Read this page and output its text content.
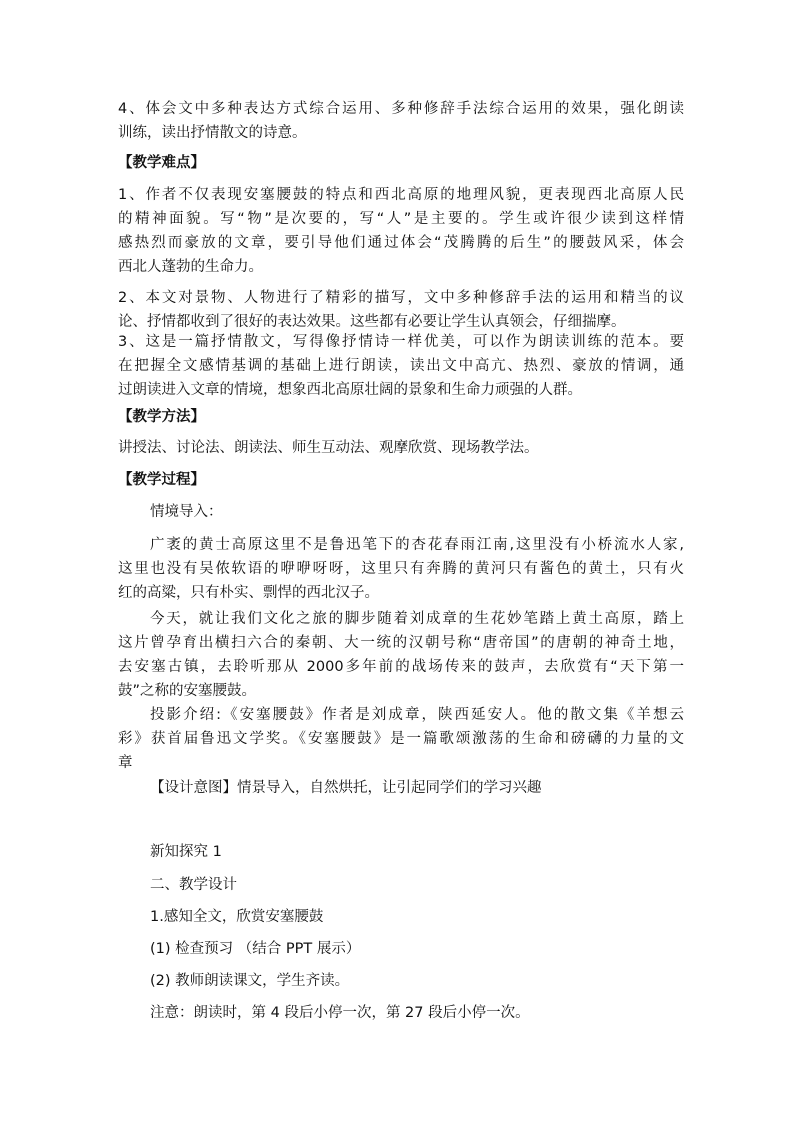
4、体会文中多种表达方式综合运用、多种修辞手法综合运用的效果，强化朗读
训练，读出抒情散文的诗意。
【教学难点】
1、作者不仅表现安塞腰鼓的特点和西北高原的地理风貌，更表现西北高原人民
的精神面貌。写“物”是次要的，写“人”是主要的。学生或许很少读到这样情
感热烈而豪放的文章，要引导他们通过体会“茂腾腾的后生”的腰鼓风采，体会
西北人蓬勃的生命力。
2、本文对景物、人物进行了精彩的描写，文中多种修辞手法的运用和精当的议
论、抒情都收到了很好的表达效果。这些都有必要让学生认真领会，仔细揣摩。
3、这是一篇抒情散文，写得像抒情诗一样优美，可以作为朗读训练的范本。要
在把握全文感情基调的基础上进行朗读，读出文中高亢、热烈、豪放的情调，通
过朗读进入文章的情境，想象西北高原壮阔的景象和生命力顽强的人群。
【教学方法】
讲授法、讨论法、朗读法、师生互动法、观摩欣赏、现场教学法。
【教学过程】
情境导入：
广袤的黄士高原这里不是鲁迅笔下的杏花春雨江南,这里没有小桥流水人家,
这里也没有吴侬软语的咿咿呀呀，这里只有奔腾的黄河只有酱色的黄土，只有火
红的高粱，只有朴实、剽悍的西北汉子。
今天，就让我们文化之旅的脚步随着刘成章的生花妙笔踏上黄土高原，踏上
这片曾孕育出横扫六合的秦朝、大一统的汉朝号称“唐帝国”的唐朝的神奇土地，
去安塞古镇，去聆听那从 2000多年前的战场传来的鼓声，去欣赏有“天下第一
鼓”之称的安塞腰鼓。
投影介绍:《安塞腰鼓》作者是刘成章，陕西延安人。他的散文集《羊想云
彩》获首届鲁迅文学奖。《安塞腰鼓》是一篇歌颂激荡的生命和磅礴的力量的文
章
【设计意图】情景导入，自然烘托，让引起同学们的学习兴趣
新知探究 1
二、教学设计
1.感知全文，欣赏安塞腰鼓
(1) 检查预习 （结合 PPT 展示）
(2) 教师朗读课文，学生齐读。
注意：朗读时，第 4 段后小停一次，第 27 段后小停一次。
